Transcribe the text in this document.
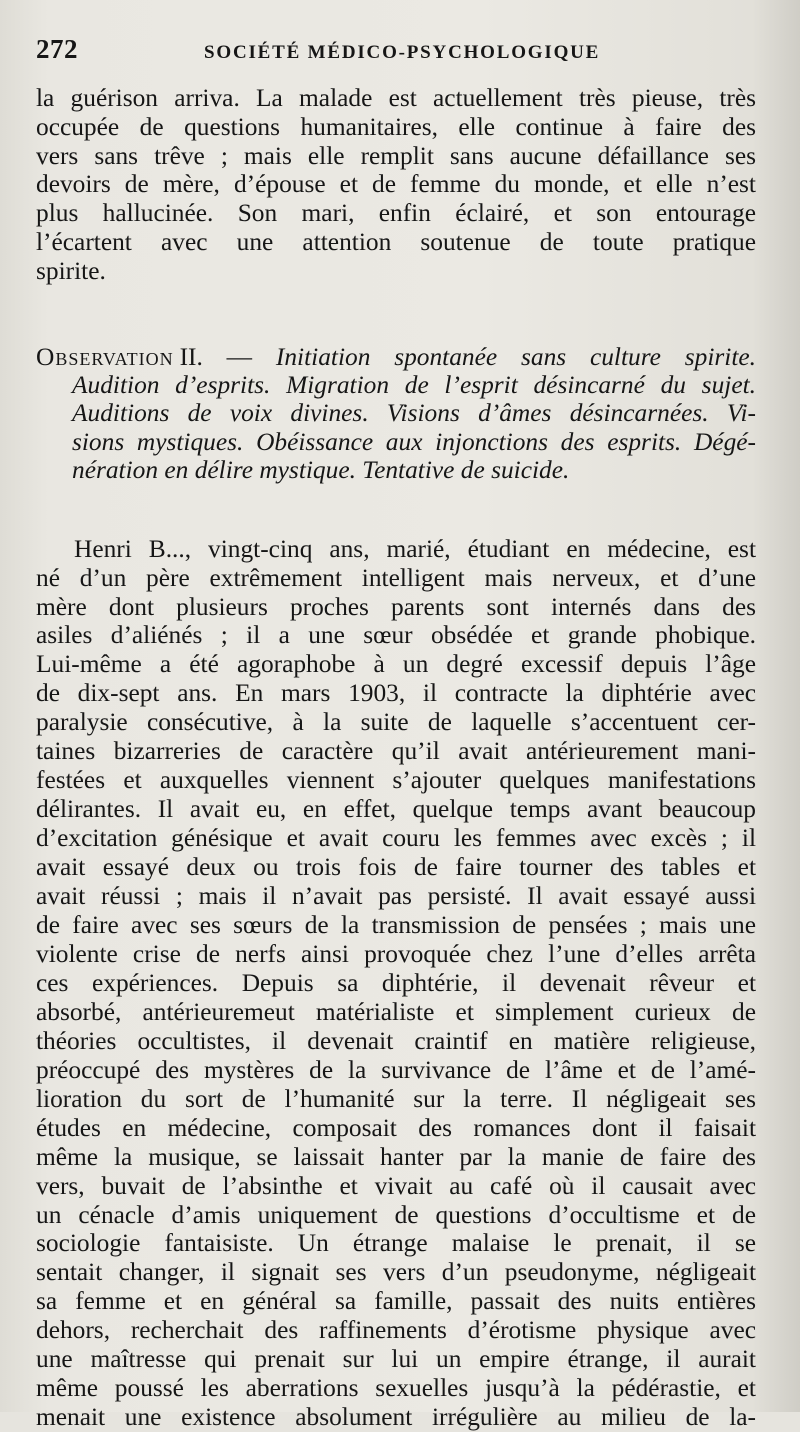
272	SOCIÉTÉ MÉDICO-PSYCHOLOGIQUE
la guérison arriva. La malade est actuellement très pieuse, très
occupée de questions humanitaires, elle continue à faire des
vers sans trêve ; mais elle remplit sans aucune défaillance ses
devoirs de mère, d’épouse et de femme du monde, et elle n’est
plus hallucinée. Son mari, enfin éclairé, et son entourage
l’écartent avec une attention soutenue de toute pratique
spirite.
Observation II. — Initiation spontanée sans culture spirite.
Audition d’esprits. Migration de l’esprit désincarné du sujet.
Auditions de voix divines. Visions d’âmes désincarnées. Vi-
sions mystiques. Obéissance aux injonctions des esprits. Dégé-
nération en délire mystique. Tentative de suicide.
Henri B..., vingt-cinq ans, marié, étudiant en médecine, est
né d’un père extrêmement intelligent mais nerveux, et d’une
mère dont plusieurs proches parents sont internés dans des
asiles d’aliénés ; il a une sœur obsédée et grande phobique.
Lui-même a été agoraphobe à un degré excessif depuis l’âge
de dix-sept ans. En mars 1903, il contracte la diphtérie avec
paralysie consécutive, à la suite de laquelle s’accentuent cer-
taines bizarreries de caractère qu’il avait antérieurement mani-
festées et auxquelles viennent s’ajouter quelques manifestations
délirantes. Il avait eu, en effet, quelque temps avant beaucoup
d’excitation génésique et avait couru les femmes avec excès ; il
avait essayé deux ou trois fois de faire tourner des tables et
avait réussi ; mais il n’avait pas persisté. Il avait essayé aussi
de faire avec ses sœurs de la transmission de pensées ; mais une
violente crise de nerfs ainsi provoquée chez l’une d’elles arrêta
ces expériences. Depuis sa diphtérie, il devenait rêveur et
absorbé, antérieuremeut matérialiste et simplement curieux de
théories occultistes, il devenait craintif en matière religieuse,
préoccupé des mystères de la survivance de l’âme et de l’amé-
lioration du sort de l’humanité sur la terre. Il négligeait ses
études en médecine, composait des romances dont il faisait
même la musique, se laissait hanter par la manie de faire des
vers, buvait de l’absinthe et vivait au café où il causait avec
un cénacle d’amis uniquement de questions d’occultisme et de
sociologie fantaisiste. Un étrange malaise le prenait, il se
sentait changer, il signait ses vers d’un pseudonyme, négligeait
sa femme et en général sa famille, passait des nuits entières
dehors, recherchait des raffinements d’érotisme physique avec
une maîtresse qui prenait sur lui un empire étrange, il aurait
même poussé les aberrations sexuelles jusqu’à la pédérastie, et
menait une existence absolument irrégulière au milieu de la-
